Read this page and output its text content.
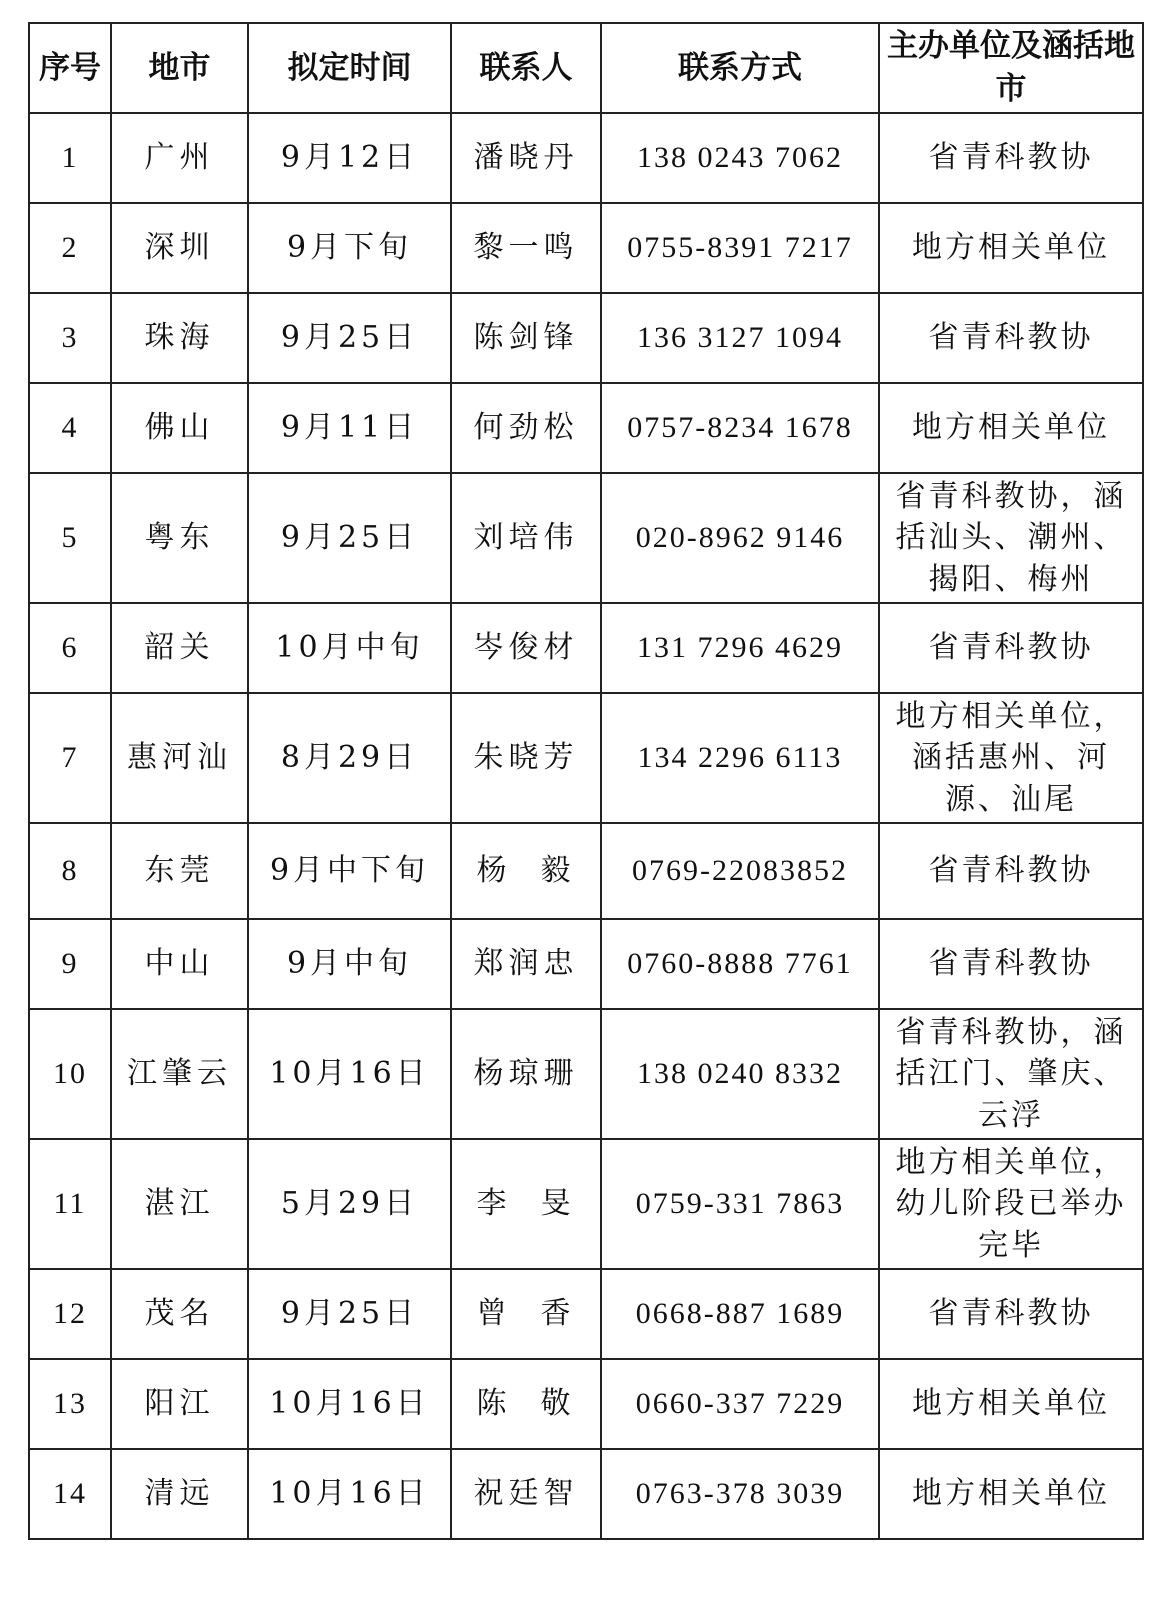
序号	地市	拟定时间	联系人	联系方式	主办单位及涵括地市
1	广州	9月12日	潘晓丹	138 0243 7062	省青科教协
2	深圳	9月下旬	黎一鸣	0755-8391 7217	地方相关单位
3	珠海	9月25日	陈剑锋	136 3127 1094	省青科教协
4	佛山	9月11日	何劲松	0757-8234 1678	地方相关单位
5	粤东	9月25日	刘培伟	020-8962 9146	省青科教协，涵括汕头、潮州、揭阳、梅州
6	韶关	10月中旬	岑俊材	131 7296 4629	省青科教协
7	惠河汕	8月29日	朱晓芳	134 2296 6113	地方相关单位，涵括惠州、河源、汕尾
8	东莞	9月中下旬	杨  毅	0769-22083852	省青科教协
9	中山	9月中旬	郑润忠	0760-8888 7761	省青科教协
10	江肇云	10月16日	杨琼珊	138 0240 8332	省青科教协，涵括江门、肇庆、云浮
11	湛江	5月29日	李  旻	0759-331 7863	地方相关单位，幼儿阶段已举办完毕
12	茂名	9月25日	曾  香	0668-887 1689	省青科教协
13	阳江	10月16日	陈  敬	0660-337 7229	地方相关单位
14	清远	10月16日	祝廷智	0763-378 3039	地方相关单位
